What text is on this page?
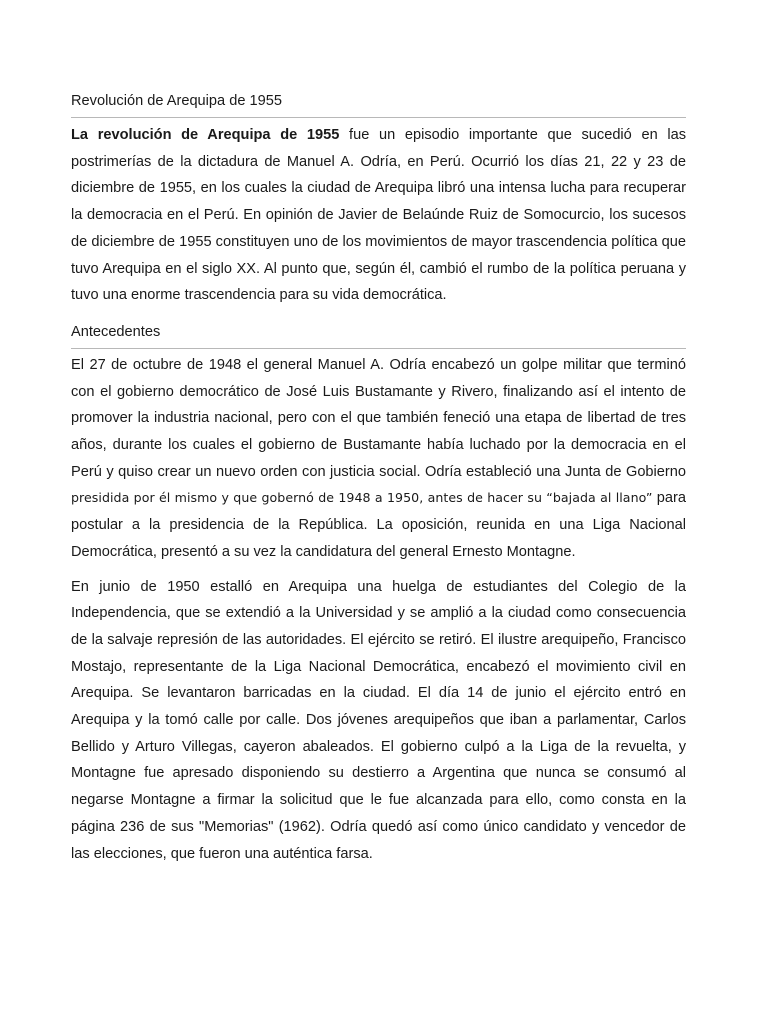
Revolución de Arequipa de 1955

La revolución de Arequipa de 1955 fue un episodio importante que sucedió en las postrimerías de la dictadura de Manuel A. Odría, en Perú. Ocurrió los días 21, 22 y 23 de diciembre de 1955, en los cuales la ciudad de Arequipa libró una intensa lucha para recuperar la democracia en el Perú. En opinión de Javier de Belaúnde Ruiz de Somocurcio, los sucesos de diciembre de 1955 constituyen uno de los movimientos de mayor trascendencia política que tuvo Arequipa en el siglo XX. Al punto que, según él, cambió el rumbo de la política peruana y tuvo una enorme trascendencia para su vida democrática.

Antecedentes

El 27 de octubre de 1948 el general Manuel A. Odría encabezó un golpe militar que terminó con el gobierno democrático de José Luis Bustamante y Rivero, finalizando así el intento de promover la industria nacional, pero con el que también feneció una etapa de libertad de tres años, durante los cuales el gobierno de Bustamante había luchado por la democracia en el Perú y quiso crear un nuevo orden con justicia social. Odría estableció una Junta de Gobierno presidida por él mismo y que gobernó de 1948 a 1950, antes de hacer su “bajada al llano” para postular a la presidencia de la República. La oposición, reunida en una Liga Nacional Democrática, presentó a su vez la candidatura del general Ernesto Montagne.

En junio de 1950 estalló en Arequipa una huelga de estudiantes del Colegio de la Independencia, que se extendió a la Universidad y se amplió a la ciudad como consecuencia de la salvaje represión de las autoridades. El ejército se retiró. El ilustre arequipeño, Francisco Mostajo, representante de la Liga Nacional Democrática, encabezó el movimiento civil en Arequipa. Se levantaron barricadas en la ciudad. El día 14 de junio el ejército entró en Arequipa y la tomó calle por calle. Dos jóvenes arequipeños que iban a parlamentar, Carlos Bellido y Arturo Villegas, cayeron abaleados. El gobierno culpó a la Liga de la revuelta, y Montagne fue apresado disponiendo su destierro a Argentina que nunca se consumó al negarse Montagne a firmar la solicitud que le fue alcanzada para ello, como consta en la página 236 de sus "Memorias" (1962). Odría quedó así como único candidato y vencedor de las elecciones, que fueron una auténtica farsa.
